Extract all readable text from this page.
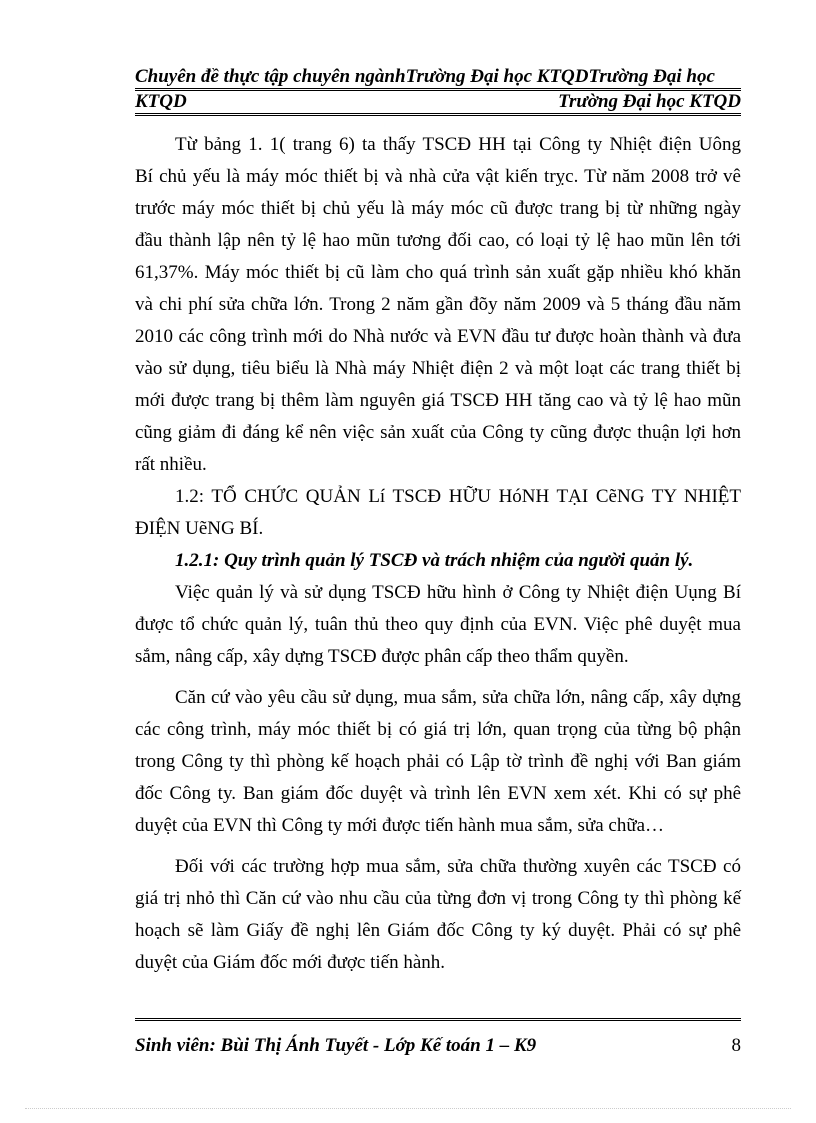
Chuyên đề thực tập chuyên ngànhTrường Đại học KTQDTrường Đại học
KTQD	Trường Đại học KTQD
Từ bảng 1. 1( trang 6) ta thấy TSCĐ HH tại Công ty Nhiệt điện Uông
Bí chủ yếu là máy móc thiết bị và nhà cửa vật kiến trỵc. Từ năm 2008 trở vê
trước máy móc thiết bị chủ yếu là máy móc cũ được trang bị từ những ngày
đầu thành lập nên tỷ lệ hao mũn tương đối cao, có loại tỷ lệ hao mũn lên tới
61,37%. Máy móc thiết bị cũ làm cho quá trình sản xuất gặp nhiều khó khăn
và chi phí sửa chữa lớn. Trong 2 năm gần đõy năm 2009 và 5 tháng đầu năm
2010 các công trình mới do Nhà nước và EVN đầu tư được hoàn thành và đưa
vào sử dụng, tiêu biểu là Nhà máy Nhiệt điện 2 và một loạt các trang thiết bị
mới được trang bị thêm làm nguyên giá TSCĐ HH tăng cao và tỷ lệ hao mũn
cũng giảm đi đáng kể nên việc sản xuất của Công ty cũng được thuận lợi hơn
rất nhiều.
1.2: TỔ CHỨC QUẢN Lí TSCĐ HỮU HóNH TẠI CẽNG TY NHIỆT
ĐIỆN UẽNG BÍ.
1.2.1: Quy trình quản lý TSCĐ và trách nhiệm của người quản lý.
Việc quản lý và sử dụng TSCĐ hữu hình ở Công ty Nhiệt điện Uụng Bí
được tổ chức quản lý, tuân thủ theo quy định của EVN. Việc phê duyệt mua
sắm, nâng cấp, xây dựng TSCĐ được phân cấp theo thẩm quyền.
Căn cứ vào yêu cầu sử dụng, mua sắm, sửa chữa lớn, nâng cấp, xây dựng
các công trình, máy móc thiết bị có giá trị lớn, quan trọng của từng bộ phận
trong Công ty thì phòng kế hoạch phải có Lập tờ trình đề nghị với Ban giám
đốc Công ty. Ban giám đốc duyệt và trình lên EVN xem xét. Khi có sự phê
duyệt của EVN thì Công ty mới được tiến hành mua sắm, sửa chữa…
Đối với các trường hợp mua sắm, sửa chữa thường xuyên các TSCĐ có
giá trị nhỏ thì Căn cứ vào nhu cầu của từng đơn vị trong Công ty thì phòng kế
hoạch sẽ làm Giấy đề nghị lên Giám đốc Công ty ký duyệt. Phải có sự phê
duyệt của Giám đốc mới được tiến hành.
Sinh viên: Bùi Thị Ánh Tuyết - Lớp Kế toán 1 – K9	8
